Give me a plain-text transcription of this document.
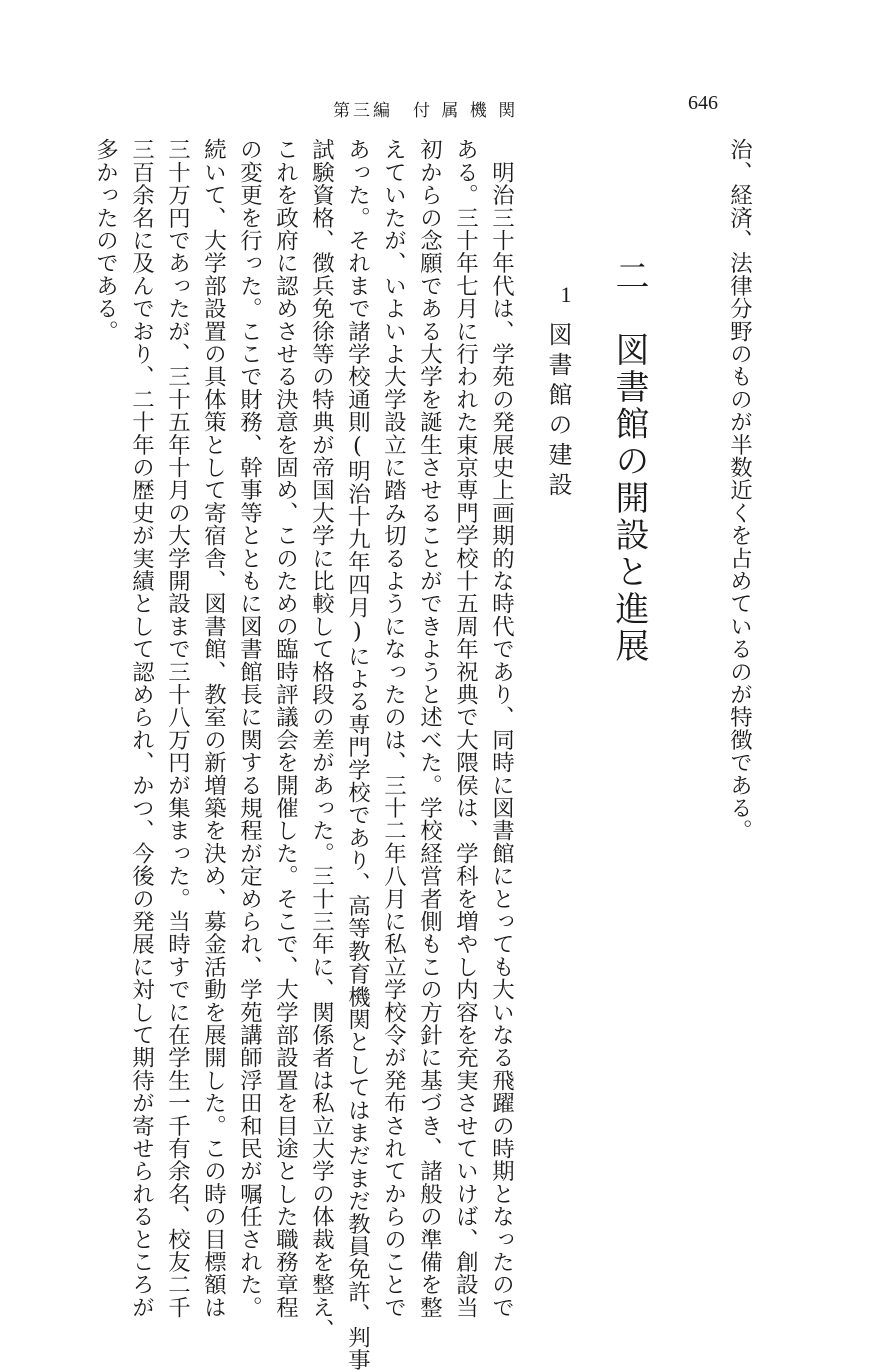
第三編　付 属 機 関	646
治、経済、法律分野のものが半数近くを占めているのが特徴である。
二　図書館の開設と進展
1
図書館の建設
　明治三十年代は、学苑の発展史上画期的な時代であり、同時に図書館にとっても大いなる飛躍の時期となったので
ある。三十年七月に行われた東京専門学校十五周年祝典で大隈侯は、学科を増やし内容を充実させていけば、創設当
初からの念願である大学を誕生させることができようと述べた。学校経営者側もこの方針に基づき、諸般の準備を整
えていたが、いよいよ大学設立に踏み切るようになったのは、三十二年八月に私立学校令が発布されてからのことで
あった。それまで諸学校通則(明治十九年四月)による専門学校であり、高等教育機関としてはまだまだ教員免許、判事
試験資格、徴兵免徐等の特典が帝国大学に比較して格段の差があった。三十三年に、関係者は私立大学の体裁を整え、
これを政府に認めさせる決意を固め、このための臨時評議会を開催した。そこで、大学部設置を目途とした職務章程
の変更を行った。ここで財務、幹事等とともに図書館長に関する規程が定められ、学苑講師浮田和民が嘱任された。
続いて、大学部設置の具体策として寄宿舎、図書館、教室の新増築を決め、募金活動を展開した。この時の目標額は
三十万円であったが、三十五年十月の大学開設まで三十八万円が集まった。当時すでに在学生一千有余名、校友二千
三百余名に及んでおり、二十年の歴史が実績として認められ、かつ、今後の発展に対して期待が寄せられるところが
多かったのである。
